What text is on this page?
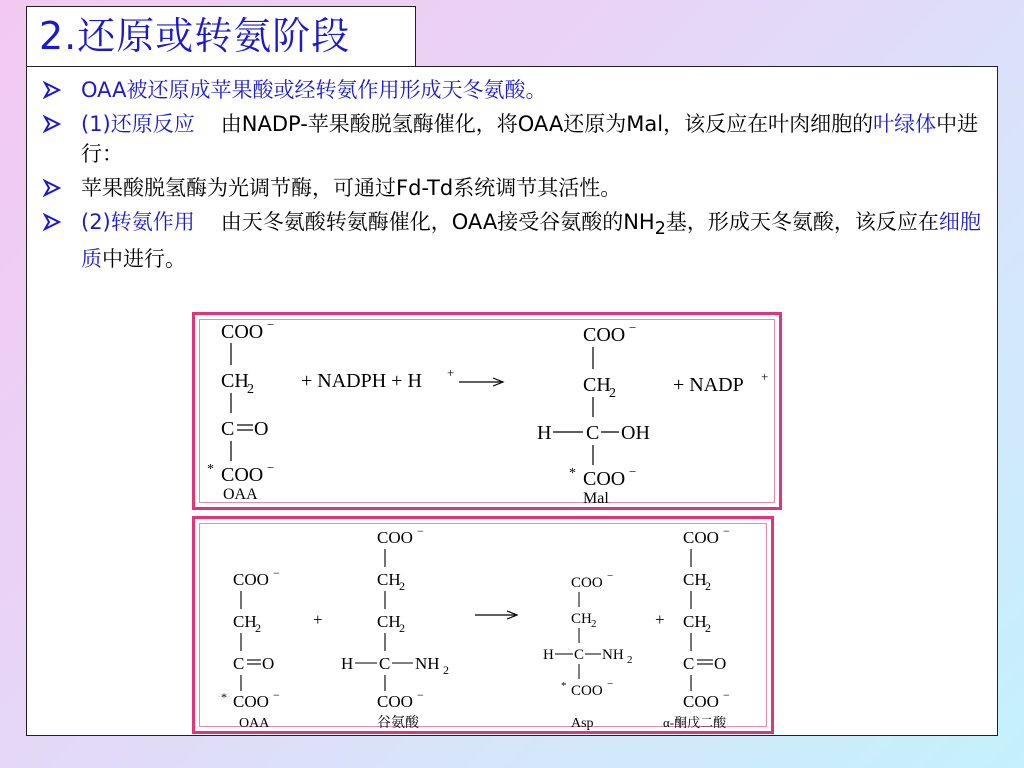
2.还原或转氨阶段
OAA被还原成苹果酸或经转氨作用形成天冬氨酸。
(1)还原反应 由NADP-苹果酸脱氢酶催化，将OAA还原为Mal，该反应在叶肉细胞的叶绿体中进行：
苹果酸脱氢酶为光调节酶，可通过Fd-Td系统调节其活性。
(2)转氨作用 由天冬氨酸转氨酶催化，OAA接受谷氨酸的$NH_2$基，形成天冬氨酸，该反应在细胞质中进行。
COO −
CH
2
C O
* COO −
OAA
+ NADPH + H +
COO −
CH
2
H C OH
* COO −
Mal
+ NADP +
COO −
CH
2
C O
* COO −
OAA
+
COO −
CH
2
CH
2
H C NH 2
COO −
谷氨酸
COO −
CH 2
H C NH 2
* COO −
Asp
+
COO −
CH
2
CH
2
C O
COO −
α-酮戊二酸
